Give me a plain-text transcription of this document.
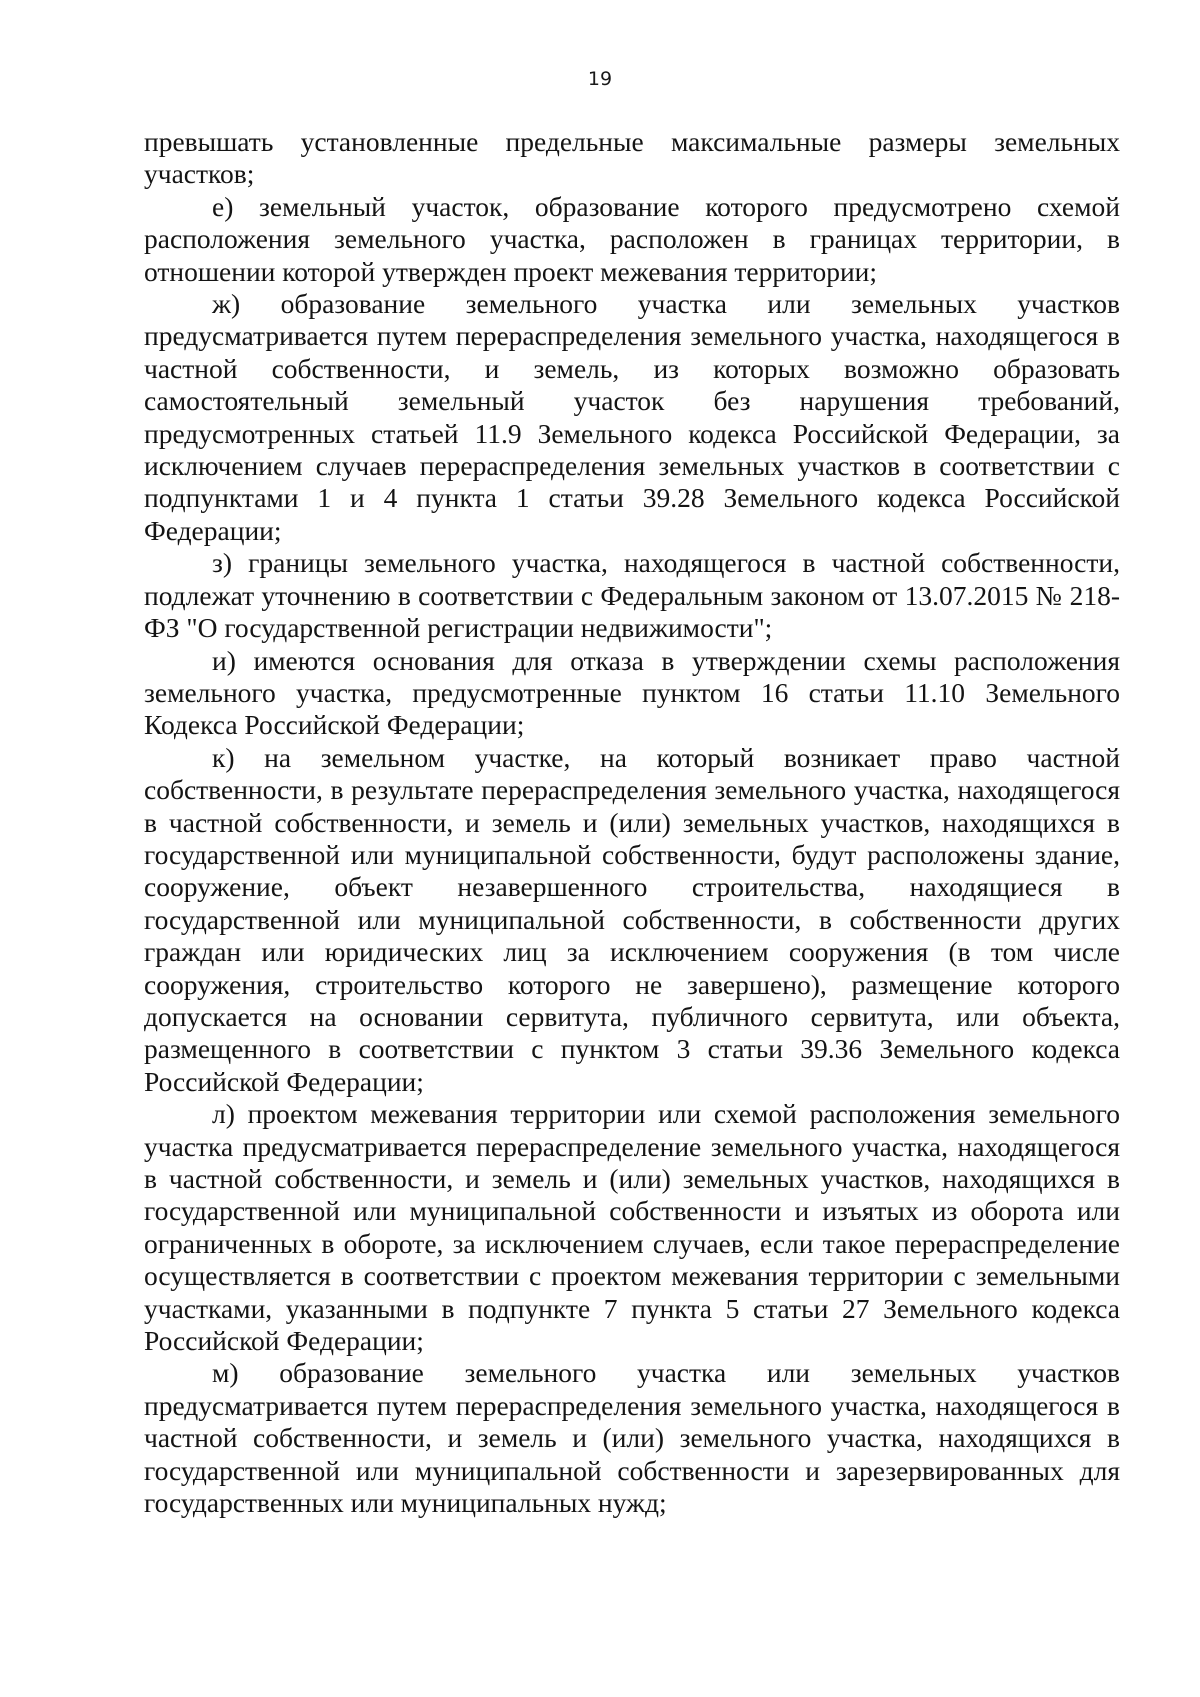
19

превышать установленные предельные максимальные размеры земельных участков;

е) земельный участок, образование которого предусмотрено схемой расположения земельного участка, расположен в границах территории, в отношении которой утвержден проект межевания территории;

ж) образование земельного участка или земельных участков предусматривается путем перераспределения земельного участка, находящегося в частной собственности, и земель, из которых возможно образовать самостоятельный земельный участок без нарушения требований, предусмотренных статьей 11.9 Земельного кодекса Российской Федерации, за исключением случаев перераспределения земельных участков в соответствии с подпунктами 1 и 4 пункта 1 статьи 39.28 Земельного кодекса Российской Федерации;

з) границы земельного участка, находящегося в частной собственности, подлежат уточнению в соответствии с Федеральным законом от 13.07.2015 № 218-ФЗ "О государственной регистрации недвижимости";

и) имеются основания для отказа в утверждении схемы расположения земельного участка, предусмотренные пунктом 16 статьи 11.10 Земельного Кодекса Российской Федерации;

к) на земельном участке, на который возникает право частной собственности, в результате перераспределения земельного участка, находящегося в частной собственности, и земель и (или) земельных участков, находящихся в государственной или муниципальной собственности, будут расположены здание, сооружение, объект незавершенного строительства, находящиеся в государственной или муниципальной собственности, в собственности других граждан или юридических лиц за исключением сооружения (в том числе сооружения, строительство которого не завершено), размещение которого допускается на основании сервитута, публичного сервитута, или объекта, размещенного в соответствии с пунктом 3 статьи 39.36 Земельного кодекса Российской Федерации;

л) проектом межевания территории или схемой расположения земельного участка предусматривается перераспределение земельного участка, находящегося в частной собственности, и земель и (или) земельных участков, находящихся в государственной или муниципальной собственности и изъятых из оборота или ограниченных в обороте, за исключением случаев, если такое перераспределение осуществляется в соответствии с проектом межевания территории с земельными участками, указанными в подпункте 7 пункта 5 статьи 27 Земельного кодекса Российской Федерации;

м) образование земельного участка или земельных участков предусматривается путем перераспределения земельного участка, находящегося в частной собственности, и земель и (или) земельного участка, находящихся в государственной или муниципальной собственности и зарезервированных для государственных или муниципальных нужд;
